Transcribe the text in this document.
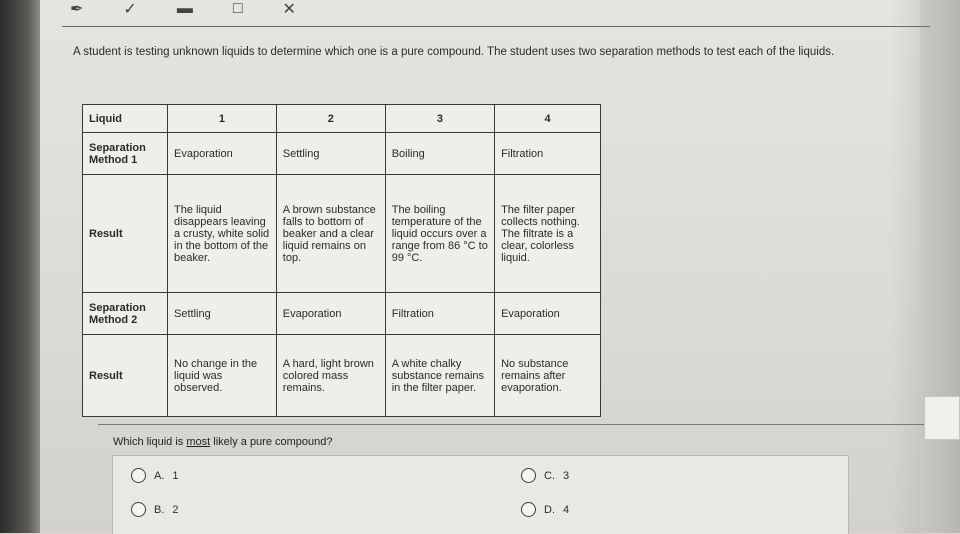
✒	✓	▬	□	✕
A student is testing unknown liquids to determine which one is a pure compound. The student uses two separation methods to test each of the liquids.
Liquid	1	2	3	4
Separation Method 1	Evaporation	Settling	Boiling	Filtration
Result	The liquid disappears leaving a crusty, white solid in the bottom of the beaker.	A brown substance falls to bottom of beaker and a clear liquid remains on top.	The boiling temperature of the liquid occurs over a range from 86 °C to 99 °C.	The filter paper collects nothing. The filtrate is a clear, colorless liquid.
Separation Method 2	Settling	Evaporation	Filtration	Evaporation
Result	No change in the liquid was observed.	A hard, light brown colored mass remains.	A white chalky substance remains in the filter paper.	No substance remains after evaporation.
Which liquid is most likely a pure compound?
A. 1
B. 2
C. 3
D. 4
